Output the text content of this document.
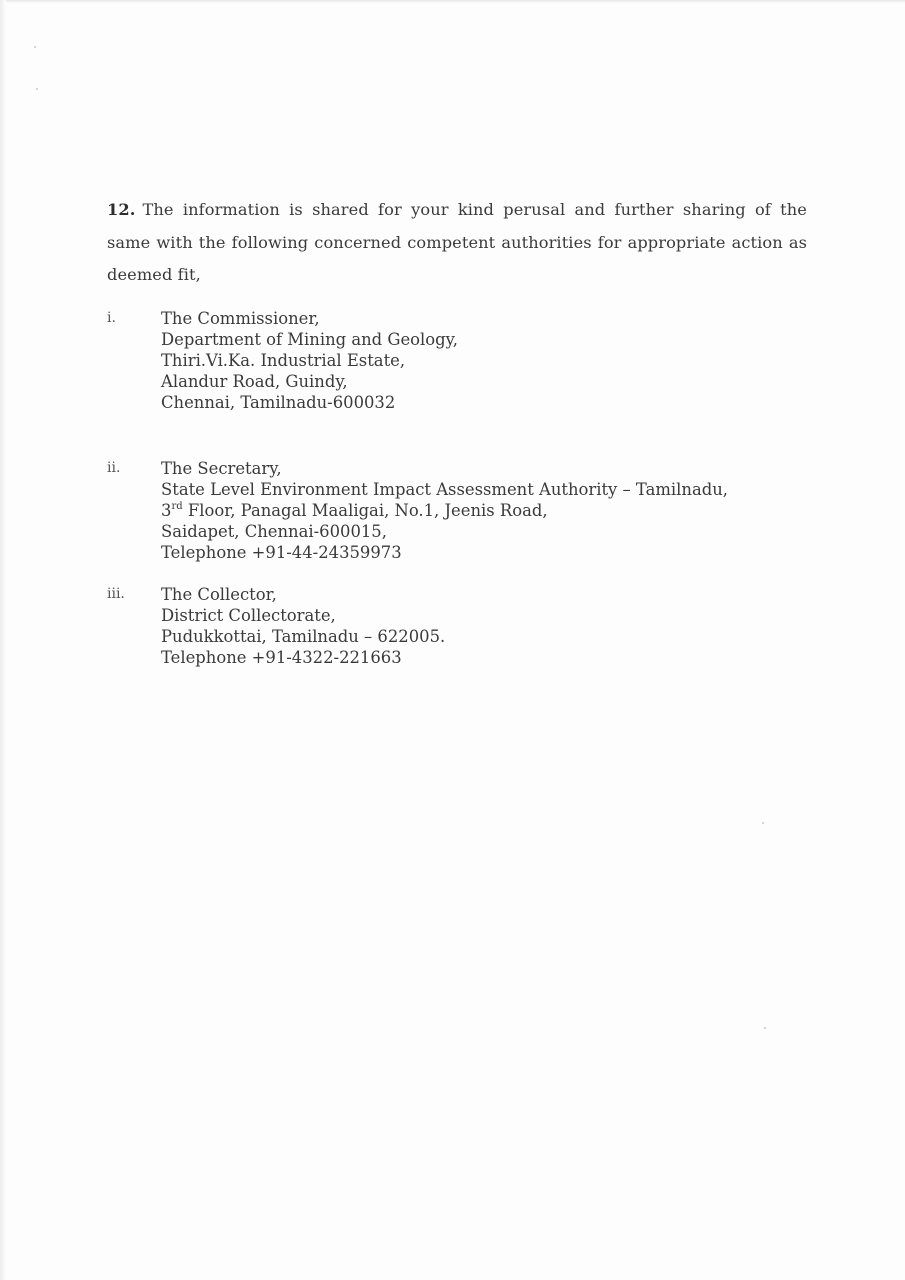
12. The information is shared for your kind perusal and further sharing of the same with the following concerned competent authorities for appropriate action as deemed fit,
i.	The Commissioner,
Department of Mining and Geology,
Thiri.Vi.Ka. Industrial Estate,
Alandur Road, Guindy,
Chennai, Tamilnadu-600032
ii. The Secretary,
State Level Environment Impact Assessment Authority – Tamilnadu,
3rd Floor, Panagal Maaligai, No.1, Jeenis Road,
Saidapet, Chennai-600015,
Telephone +91-44-24359973
iii. The Collector,
District Collectorate,
Pudukkottai, Tamilnadu – 622005.
Telephone +91-4322-221663
